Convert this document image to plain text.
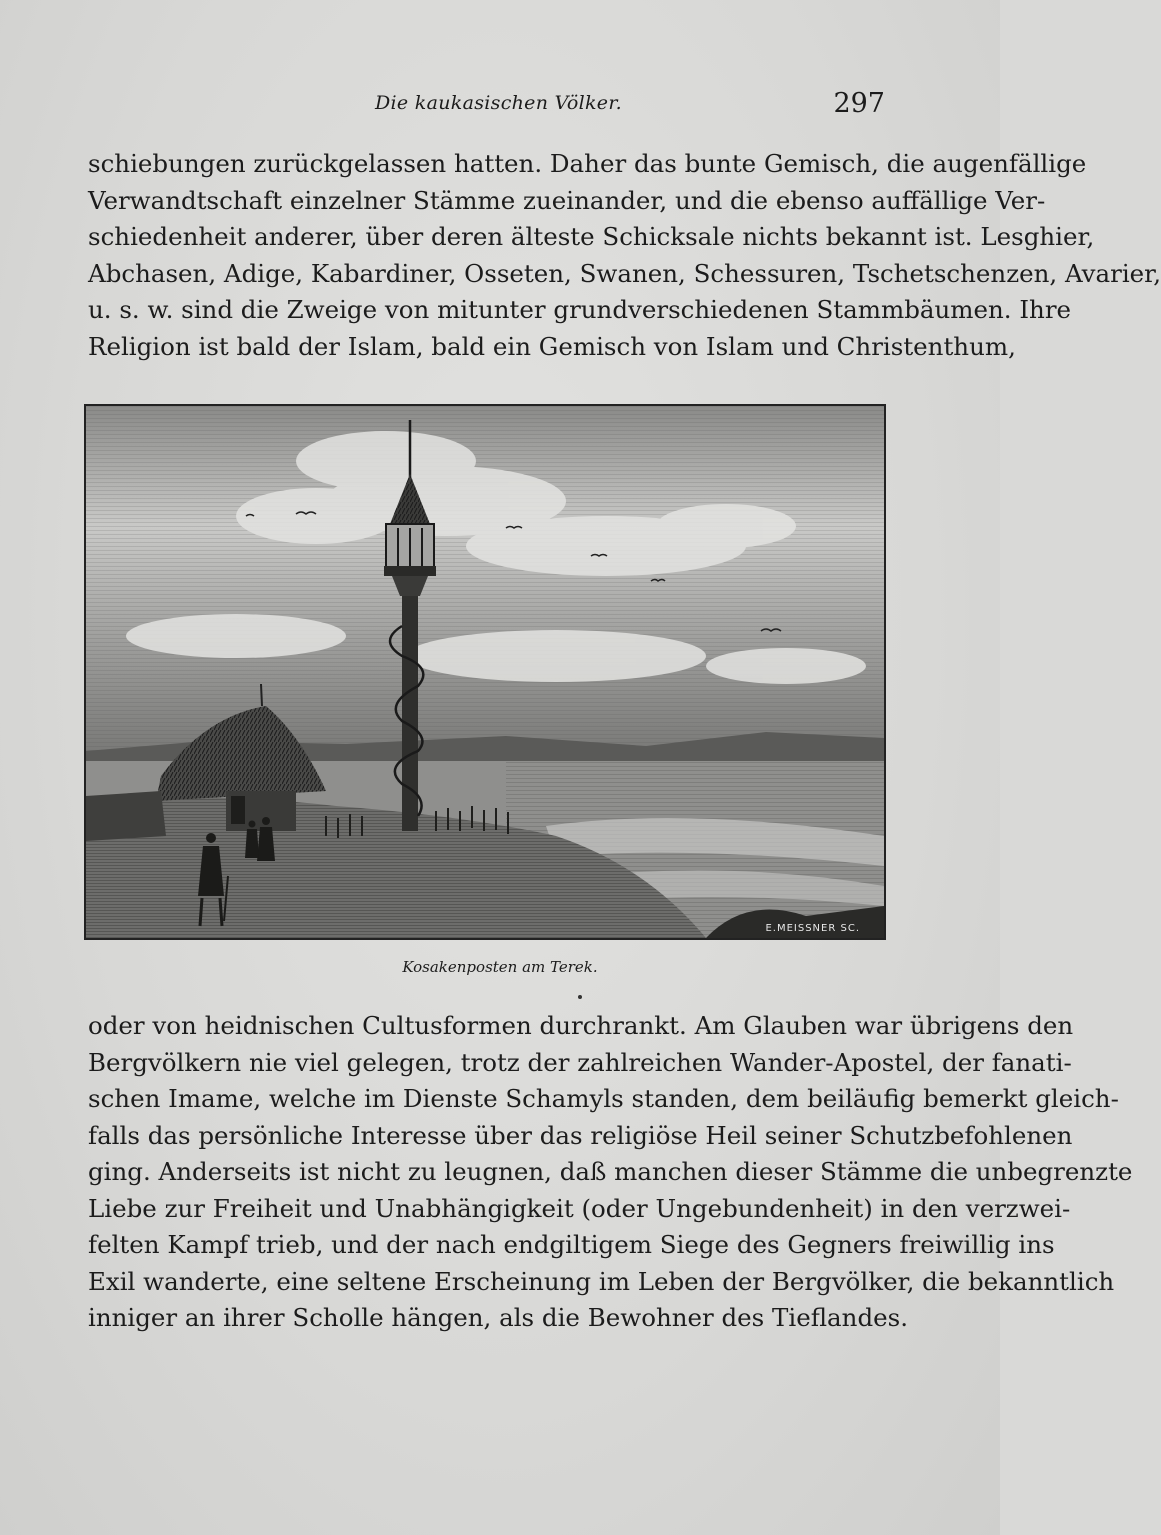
Die kaukasischen Völker.	297
schiebungen zurückgelassen hatten. Daher das bunte Gemisch, die augenfällige
Verwandtschaft einzelner Stämme zueinander, und die ebenso auffällige Ver-
schiedenheit anderer, über deren älteste Schicksale nichts bekannt ist. Lesghier,
Abchasen, Adige, Kabardiner, Osseten, Swanen, Schessuren, Tschetschenzen, Avarier,
u. s. w. sind die Zweige von mitunter grundverschiedenen Stammbäumen. Ihre
Religion ist bald der Islam, bald ein Gemisch von Islam und Christenthum,
E.MEISSNER SC.
Kosakenposten am Terek.
oder von heidnischen Cultusformen durchrankt. Am Glauben war übrigens den
Bergvölkern nie viel gelegen, trotz der zahlreichen Wander-Apostel, der fanati-
schen Imame, welche im Dienste Schamyls standen, dem beiläufig bemerkt gleich-
falls das persönliche Interesse über das religiöse Heil seiner Schutzbefohlenen
ging. Anderseits ist nicht zu leugnen, daß manchen dieser Stämme die unbegrenzte
Liebe zur Freiheit und Unabhängigkeit (oder Ungebundenheit) in den verzwei-
felten Kampf trieb, und der nach endgiltigem Siege des Gegners freiwillig ins
Exil wanderte, eine seltene Erscheinung im Leben der Bergvölker, die bekanntlich
inniger an ihrer Scholle hängen, als die Bewohner des Tieflandes.
